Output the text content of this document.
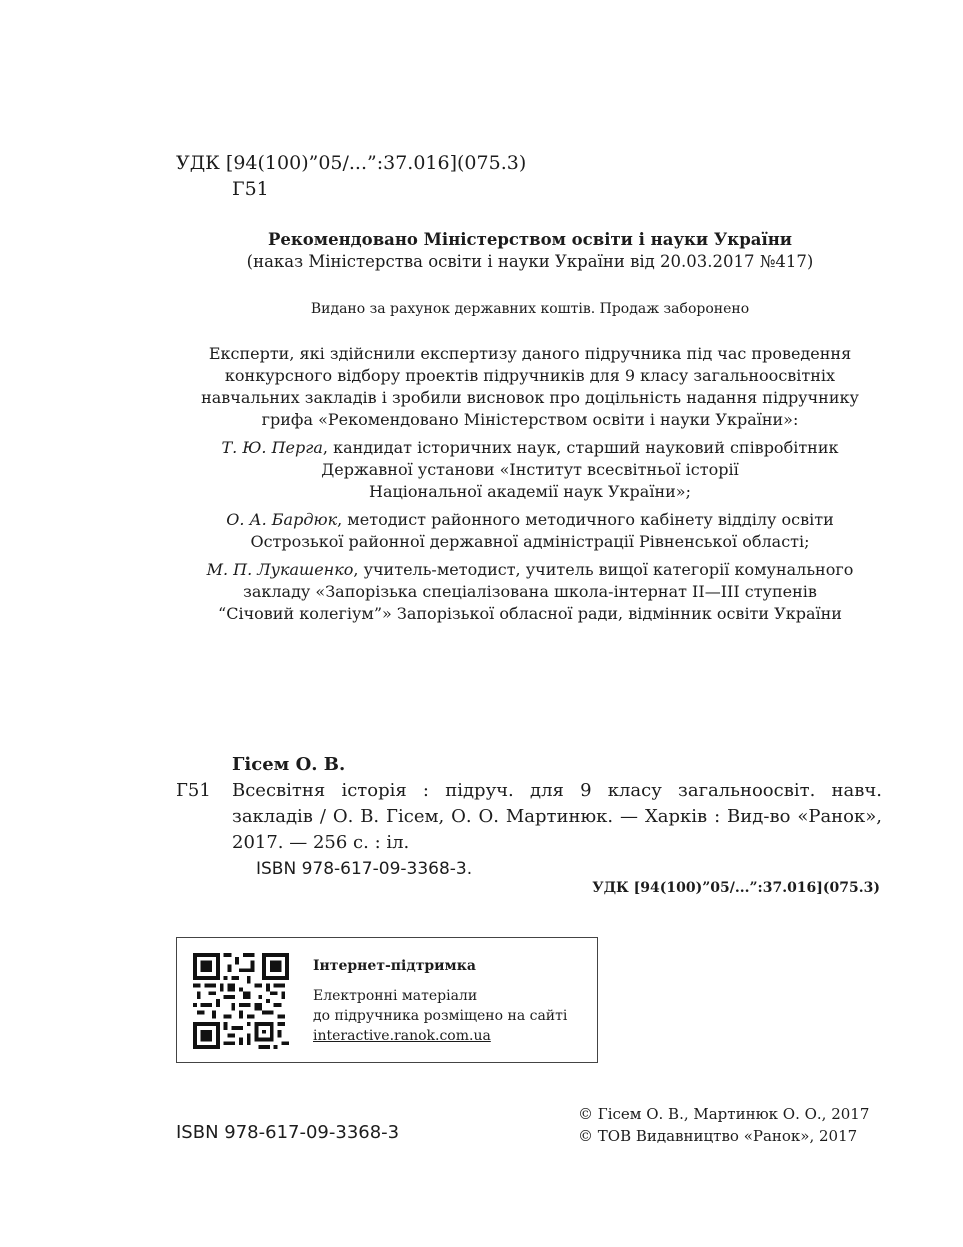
УДК [94(100)”05/...”:37.016](075.3)
Г51
Рекомендовано Міністерством освіти і науки України
(наказ Міністерства освіти і науки України від 20.03.2017 №417)
Видано за рахунок державних коштів. Продаж заборонено

Експерти, які здійснили експертизу даного підручника під час проведення

конкурсного відбору проектів підручників для 9 класу загальноосвітніх

навчальних закладів і зробили висновок про доцільність надання підручнику

грифа «Рекомендовано Міністерством освіти і науки України»:

Т. Ю. Перга, кандидат історичних наук, старший науковий співробітник

Державної установи «Інститут всесвітньої історії

Національної академії наук України»;

О. А. Бардюк, методист районного методичного кабінету відділу освіти

Острозької районної державної адміністрації Рівненської області;

М. П. Лукашенко, учитель-методист, учитель вищої категорії комунального

закладу «Запорізька спеціалізована школа-інтернат ІІ—ІІІ ступенів

“Січовий колегіум”» Запорізької обласної ради, відмінник освіти України

Гісем О. В.
Г51	Всесвітня історія : підруч. для 9 класу загальноосвіт. навч. закладів / О. В. Гісем, О. О. Мартинюк. — Харків : Вид-во «Ранок», 2017. — 256 с. : іл.
ISBN 978-617-09-3368-3.
УДК [94(100)”05/...”:37.016](075.3)
Інтернет-підтримка
Електронні матеріали
до підручника розміщено на сайті
interactive.ranok.com.ua
ISBN 978-617-09-3368-3
© Гісем О. В., Мартинюк О. О., 2017
© ТОВ Видавництво «Ранок», 2017
